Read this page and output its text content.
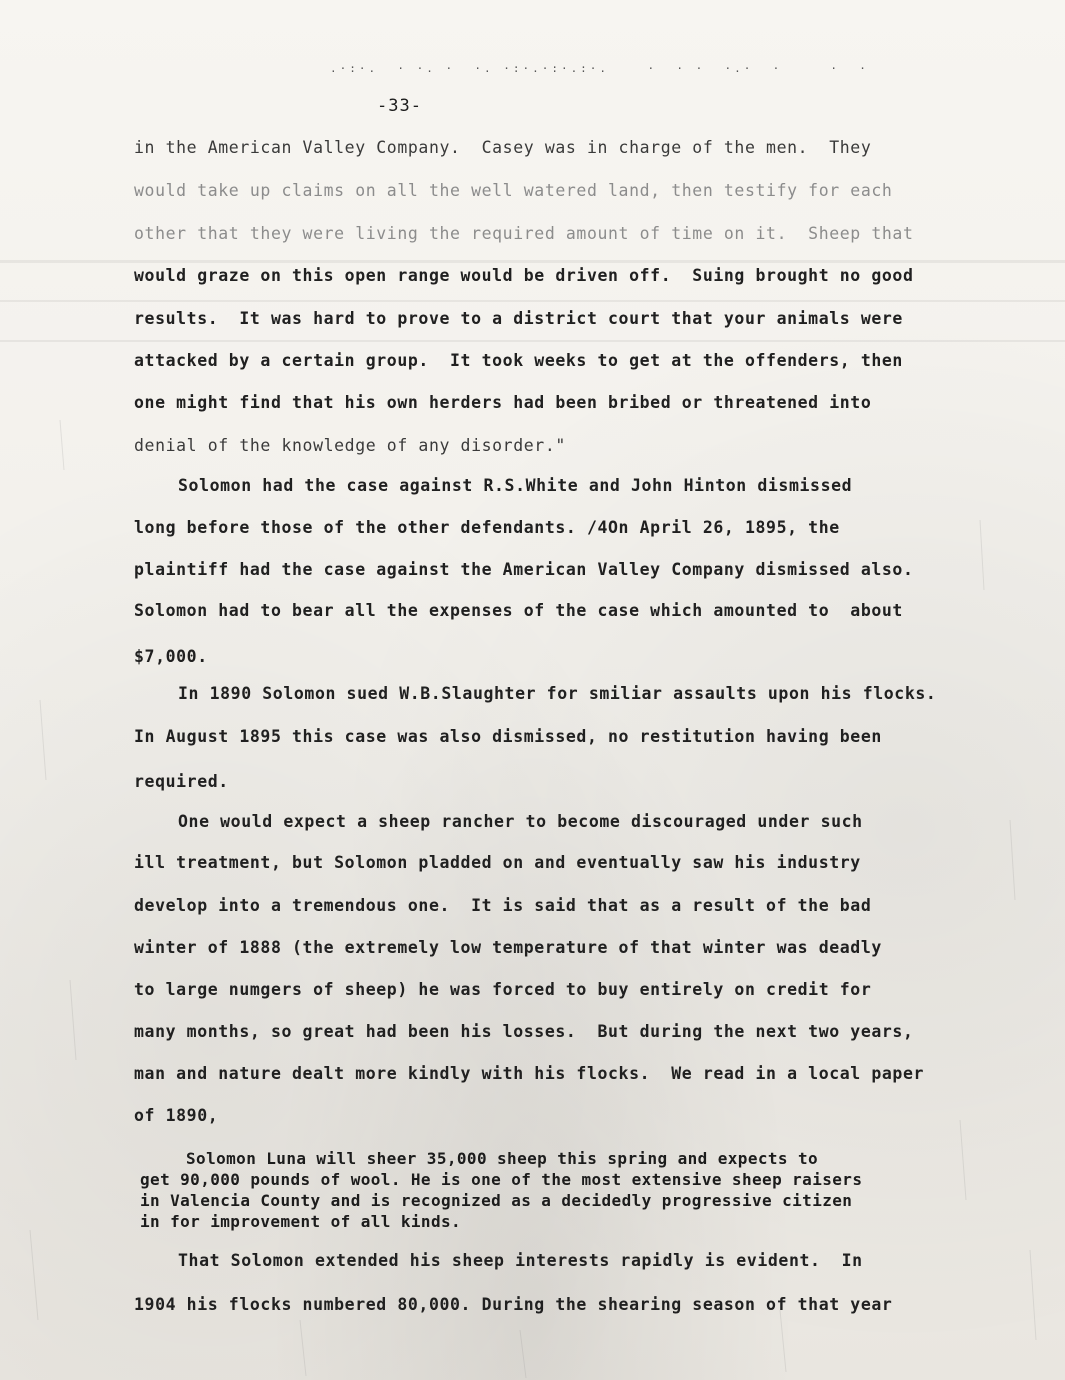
.·:·.  · ·. ·  ·. ·:·.·:·.:·.    ·  · ·  ·.·  ·     ·  ·
-33-
in the American Valley Company.  Casey was in charge of the men.  They
would take up claims on all the well watered land, then testify for each
other that they were living the required amount of time on it.  Sheep that
would graze on this open range would be driven off.  Suing brought no good
results.  It was hard to prove to a district court that your animals were
attacked by a certain group.  It took weeks to get at the offenders, then
one might find that his own herders had been bribed or threatened into
denial of the knowledge of any disorder."
Solomon had the case against R.S.White and John Hinton dismissed
long before those of the other defendants. /4On April 26, 1895, the
plaintiff had the case against the American Valley Company dismissed also.
Solomon had to bear all the expenses of the case which amounted to  about
$7,000.
In 1890 Solomon sued W.B.Slaughter for smiliar assaults upon his flocks.
In August 1895 this case was also dismissed, no restitution having been
required.
One would expect a sheep rancher to become discouraged under such
ill treatment, but Solomon pladded on and eventually saw his industry
develop into a tremendous one.  It is said that as a result of the bad
winter of 1888 (the extremely low temperature of that winter was deadly
to large numgers of sheep) he was forced to buy entirely on credit for
many months, so great had been his losses.  But during the next two years,
man and nature dealt more kindly with his flocks.  We read in a local paper
of 1890,
Solomon Luna will sheer 35,000 sheep this spring and expects to
get 90,000 pounds of wool. He is one of the most extensive sheep raisers
in Valencia County and is recognized as a decidedly progressive citizen
in for improvement of all kinds.
That Solomon extended his sheep interests rapidly is evident.  In
1904 his flocks numbered 80,000. During the shearing season of that year
